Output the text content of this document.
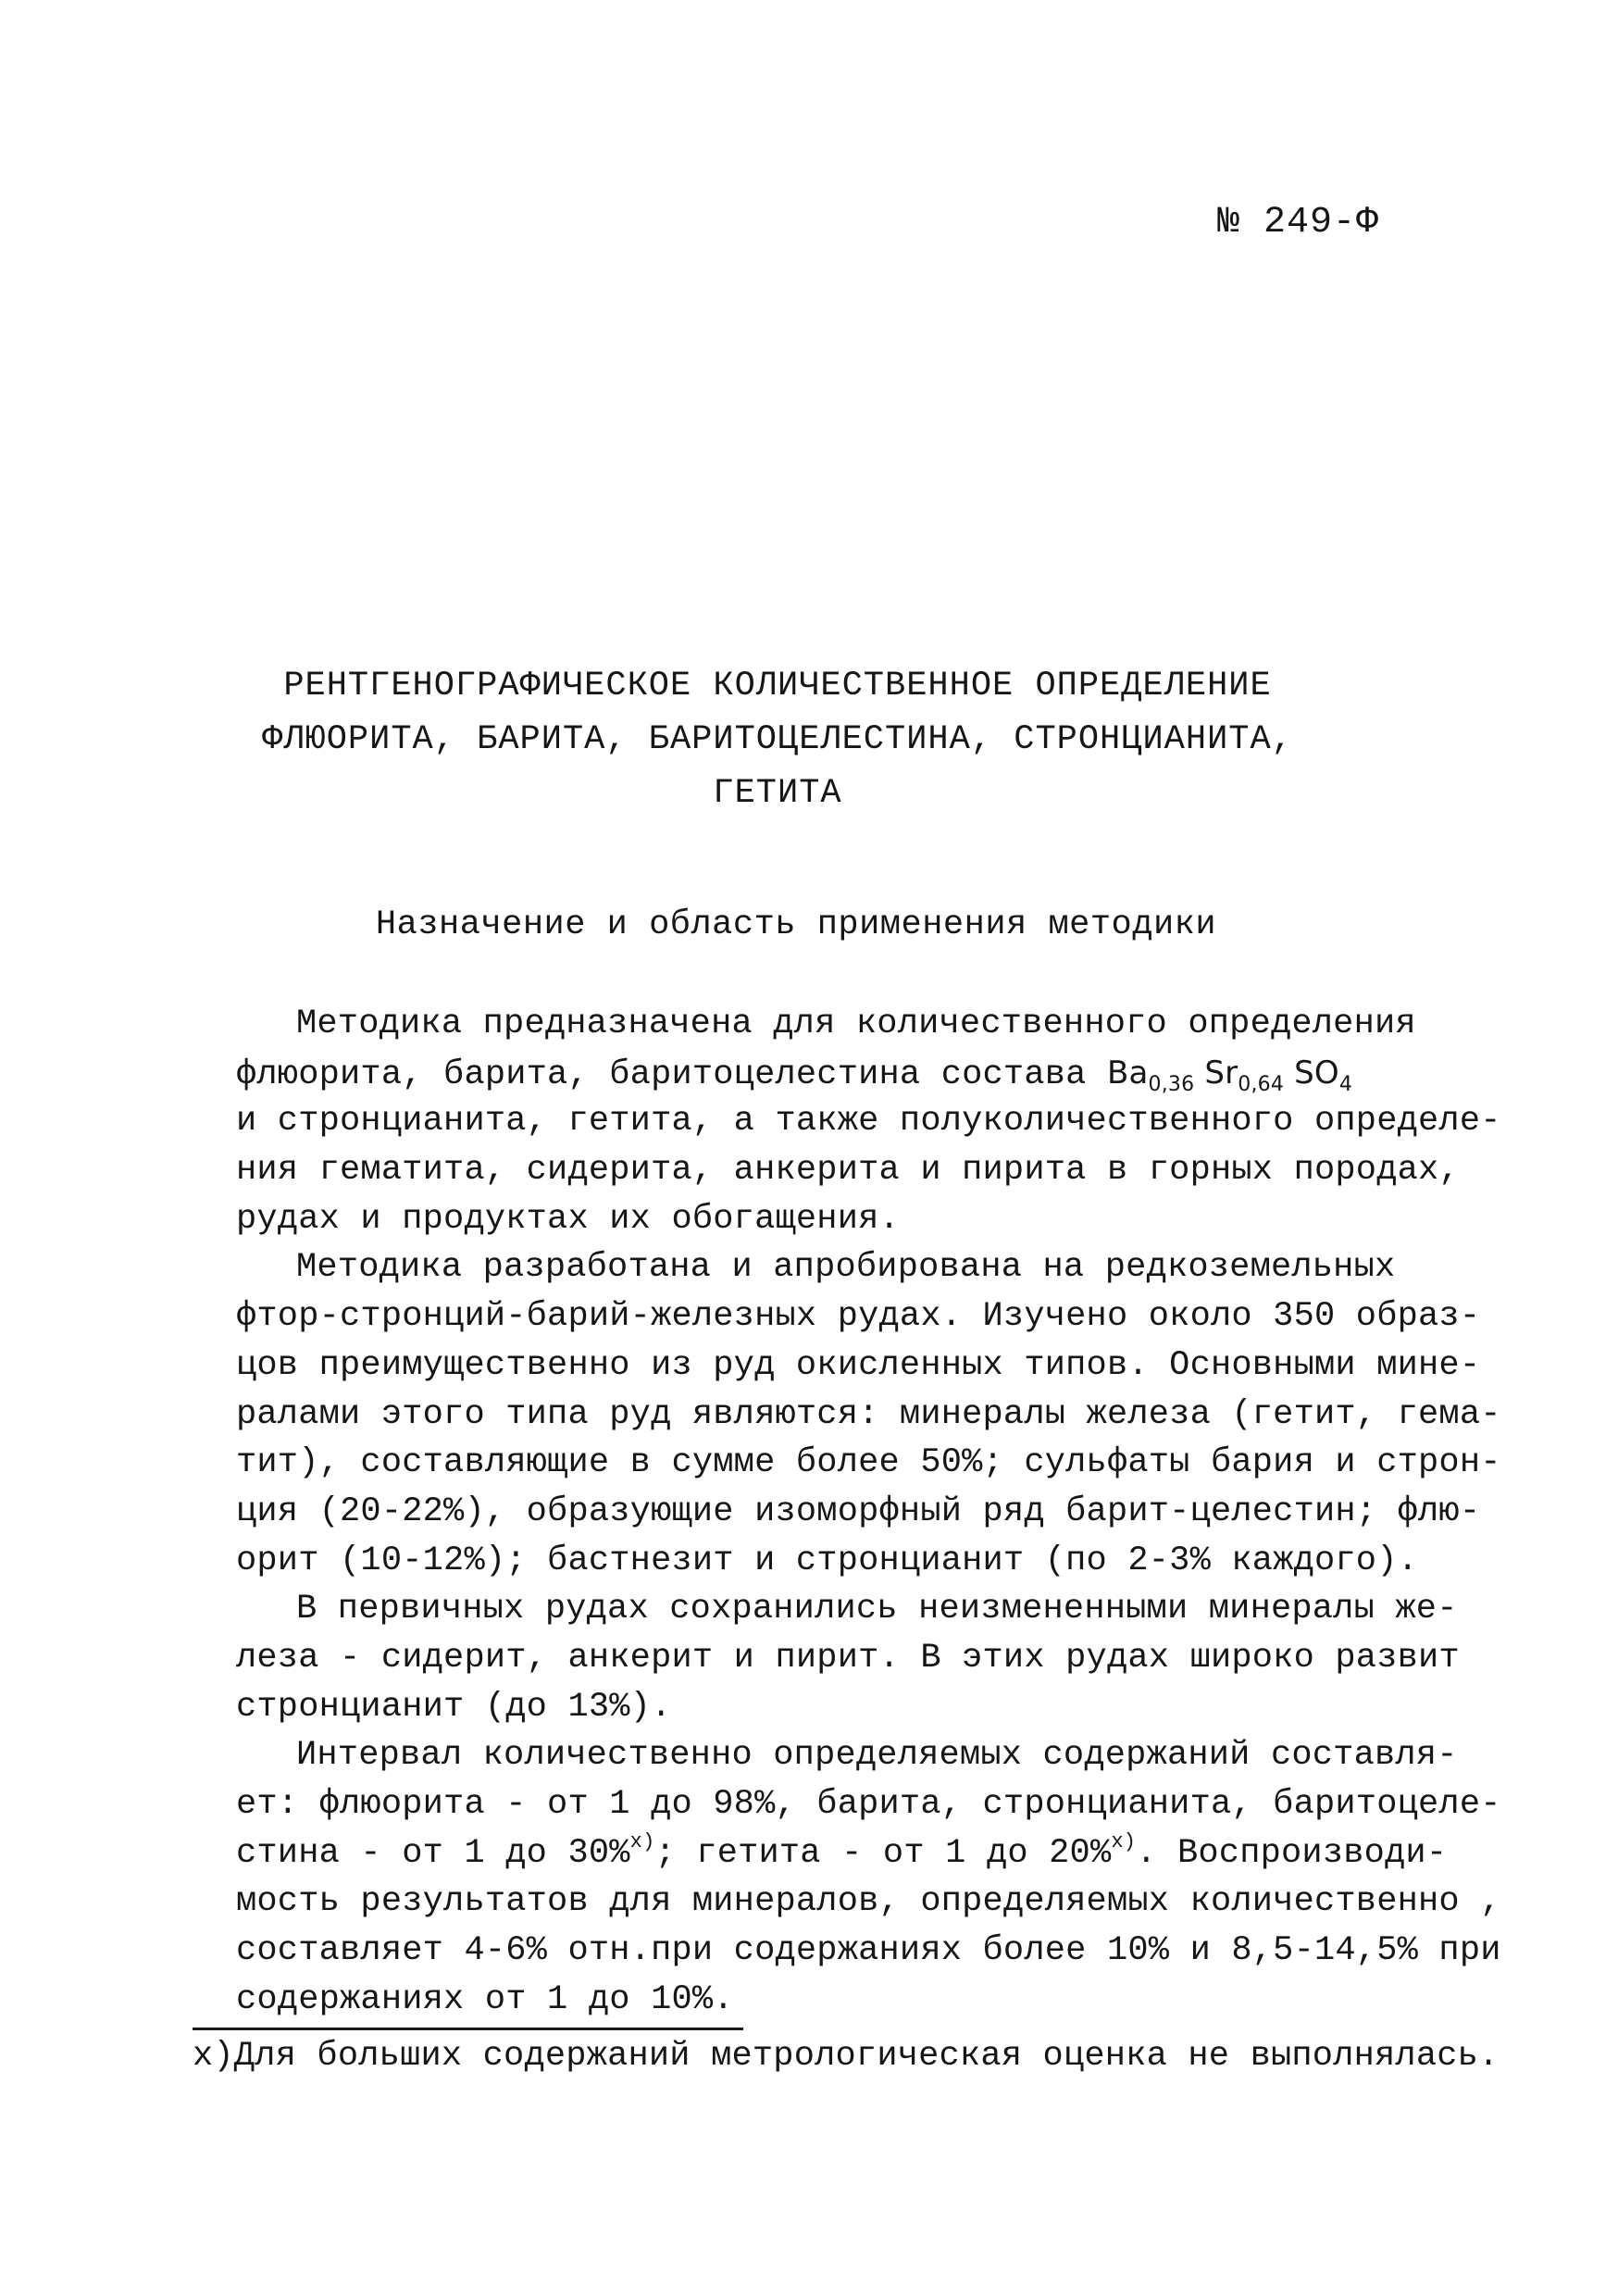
№ 249-Ф
РЕНТГЕНОГРАФИЧЕСКОЕ КОЛИЧЕСТВЕННОЕ ОПРЕДЕЛЕНИЕ
ФЛЮОРИТА, БАРИТА, БАРИТОЦЕЛЕСТИНА, СТРОНЦИАНИТА,
ГЕТИТА
Назначение и область применения методики
Методика предназначена для количественного определения
флюорита, барита, баритоцелестина состава $Ba_{0,36}$ $Sr_{0,64}$ $SO_4$
и стронцианита, гетита, а также полуколичественного определе-
ния гематита, сидерита, анкерита и пирита в горных породах,
рудах и продуктах их обогащения.
Методика разработана и апробирована на редкоземельных
фтор-стронций-барий-железных рудах. Изучено около 350 образ-
цов преимущественно из руд окисленных типов. Основными мине-
ралами этого типа руд являются: минералы железа (гетит, гема-
тит), составляющие в сумме более 50%; сульфаты бария и строн-
ция (20-22%), образующие изоморфный ряд барит-целестин; флю-
орит (10-12%); бастнезит и стронцианит (по 2-3% каждого).
В первичных рудах сохранились неизмененными минералы же-
леза - сидерит, анкерит и пирит. В этих рудах широко развит
стронцианит (до 13%).
Интервал количественно определяемых содержаний составля-
ет: флюорита - от 1 до 98%, барита, стронцианита, баритоцеле-
стина - от 1 до 30%$^{х)}$; гетита - от 1 до 20%$^{х)}$. Воспроизводи-
мость результатов для минералов, определяемых количественно ,
составляет 4-6% отн.при содержаниях более 10% и 8,5-14,5% при
содержаниях от 1 до 10%.
х)Для больших содержаний метрологическая оценка не выполнялась.
